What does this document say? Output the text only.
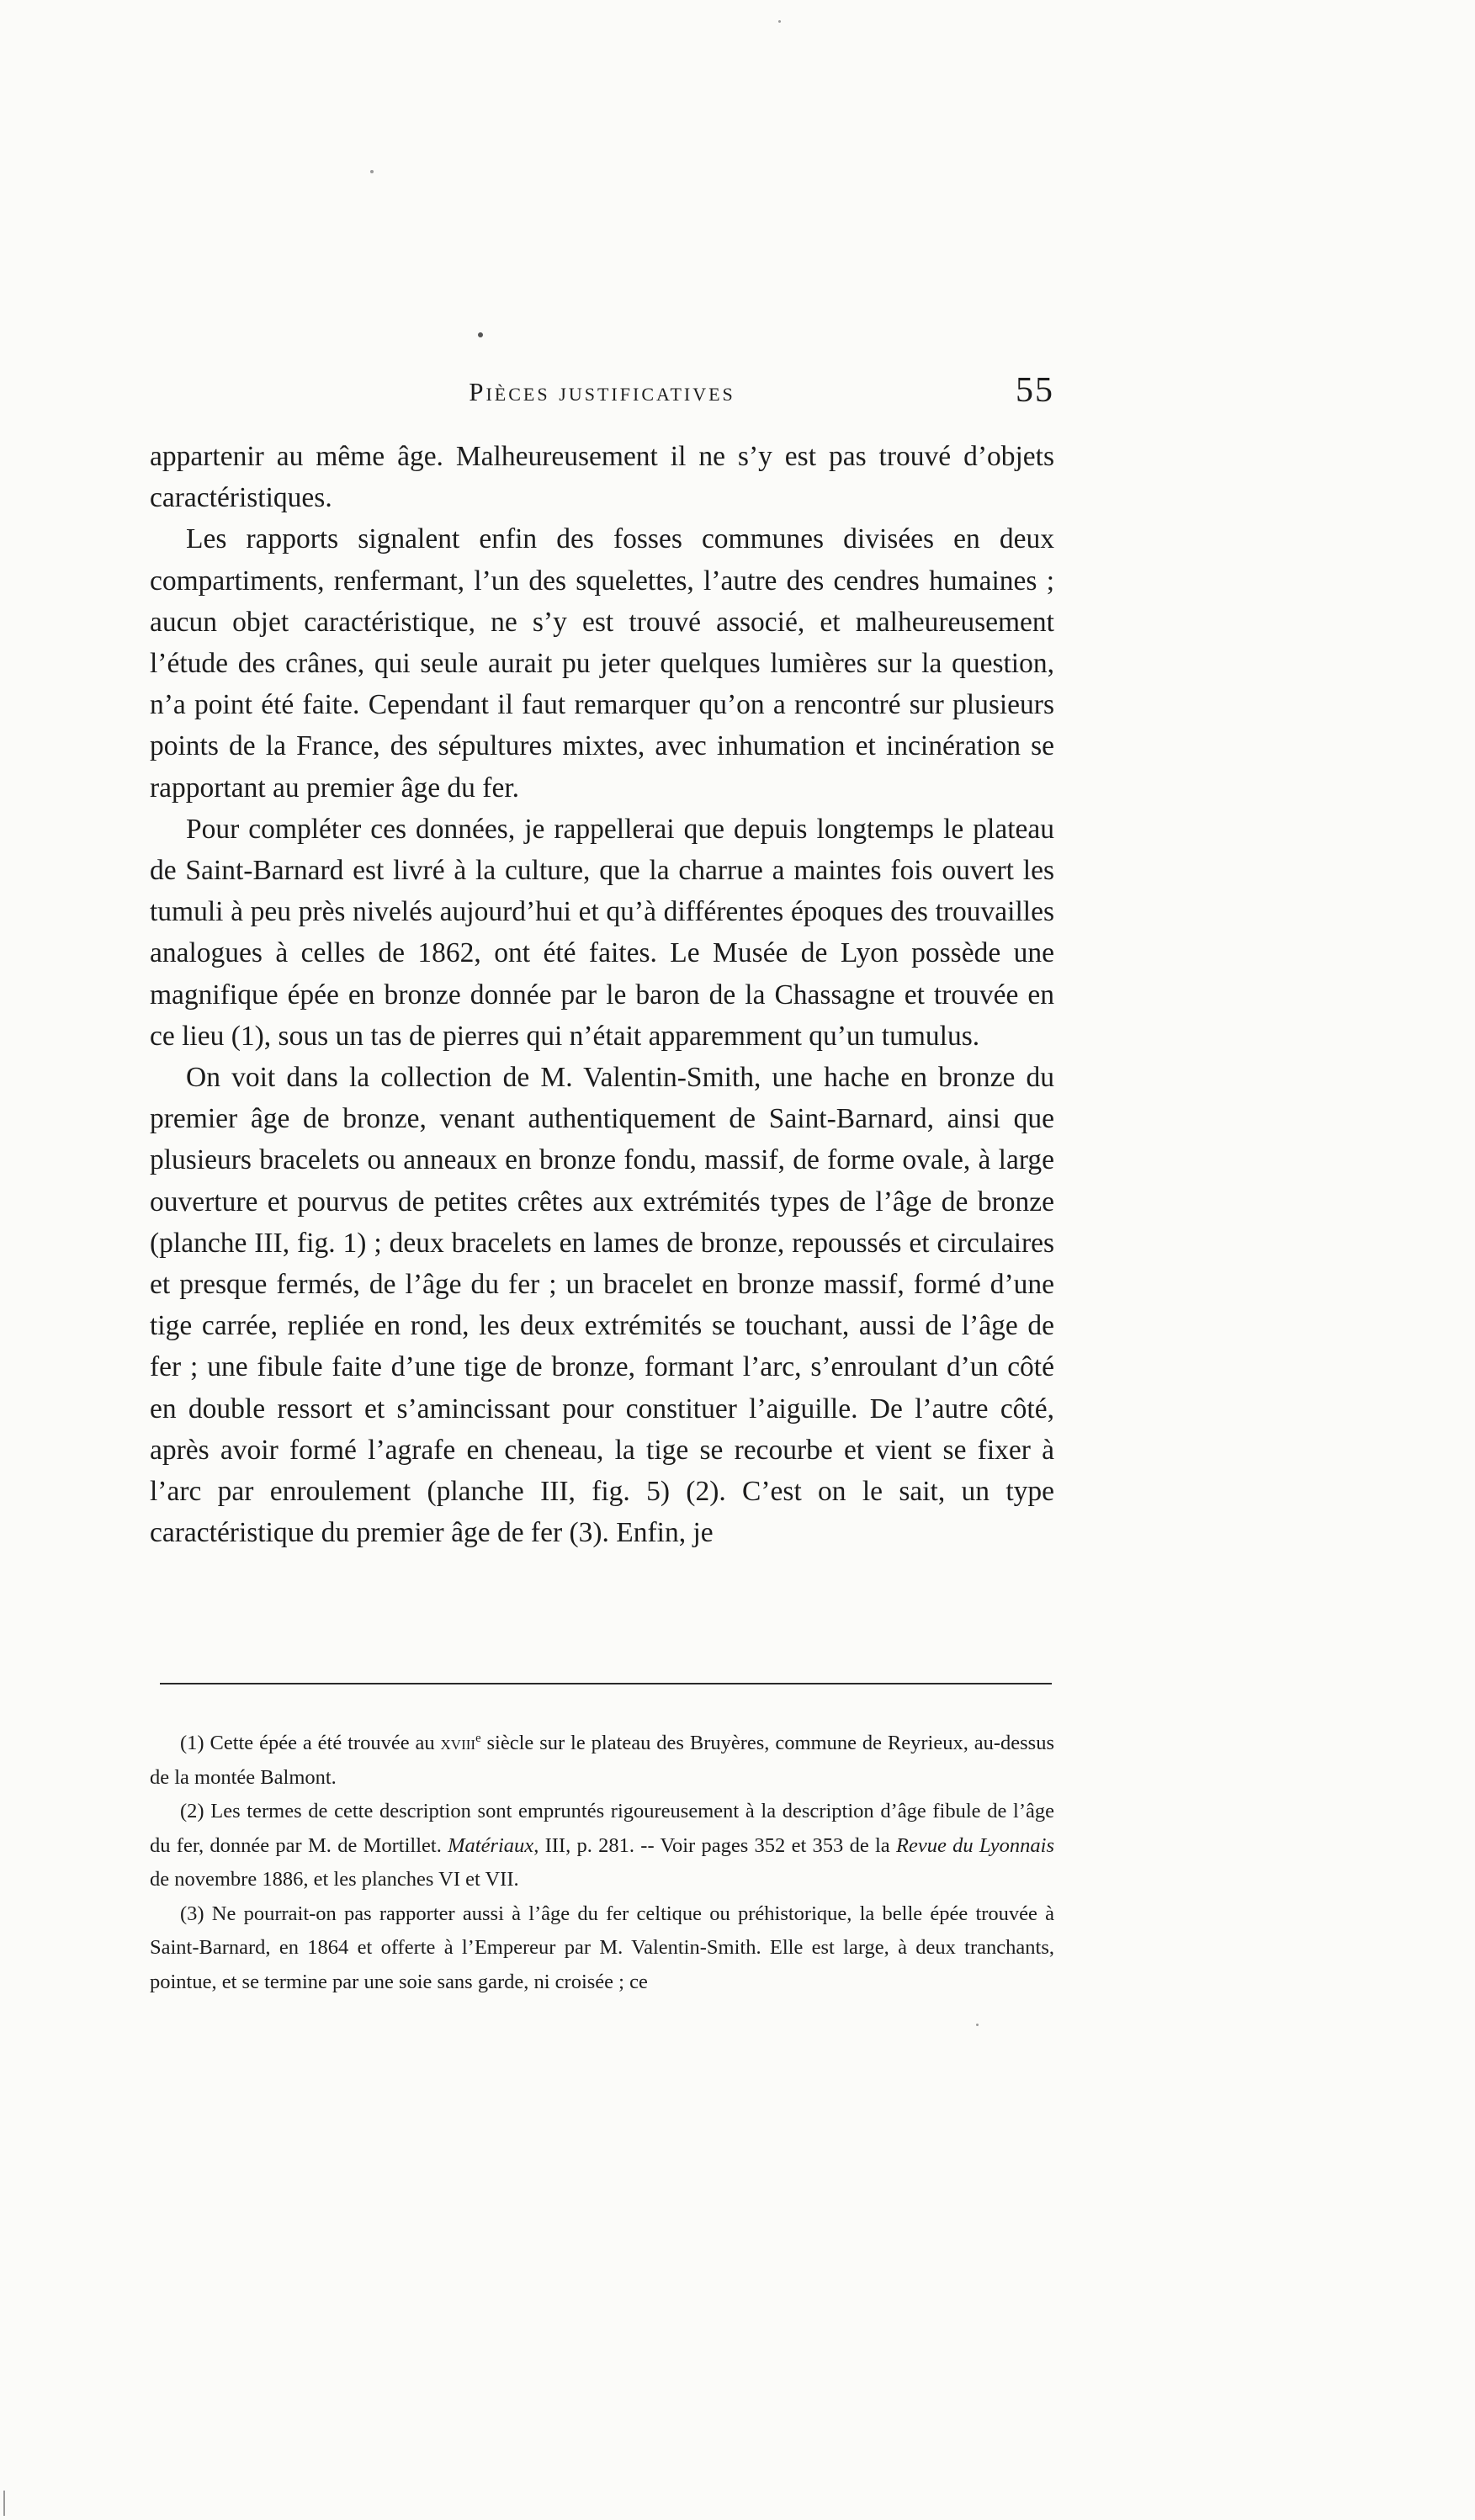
Pièces justificatives	55

appartenir au même âge. Malheureusement il ne s’y est pas trouvé d’objets caractéristiques.

Les rapports signalent enfin des fosses communes divisées en deux compartiments, renfermant, l’un des squelettes, l’autre des cendres humaines ; aucun objet caractéristique, ne s’y est trouvé associé, et malheureusement l’étude des crânes, qui seule aurait pu jeter quelques lumières sur la question, n’a point été faite. Cependant il faut remarquer qu’on a rencontré sur plusieurs points de la France, des sépultures mixtes, avec inhumation et incinération se rapportant au premier âge du fer.

Pour compléter ces données, je rappellerai que depuis longtemps le plateau de Saint-Barnard est livré à la culture, que la charrue a maintes fois ouvert les tumuli à peu près nivelés aujourd’hui et qu’à différentes époques des trouvailles analogues à celles de 1862, ont été faites. Le Musée de Lyon possède une magnifique épée en bronze donnée par le baron de la Chassagne et trouvée en ce lieu (1), sous un tas de pierres qui n’était apparemment qu’un tumulus.

On voit dans la collection de M. Valentin-Smith, une hache en bronze du premier âge de bronze, venant authentiquement de Saint-Barnard, ainsi que plusieurs bracelets ou anneaux en bronze fondu, massif, de forme ovale, à large ouverture et pourvus de petites crêtes aux extrémités types de l’âge de bronze (planche III, fig. 1) ; deux bracelets en lames de bronze, repoussés et circulaires et presque fermés, de l’âge du fer ; un bracelet en bronze massif, formé d’une tige carrée, repliée en rond, les deux extrémités se touchant, aussi de l’âge de fer ; une fibule faite d’une tige de bronze, formant l’arc, s’enroulant d’un côté en double ressort et s’amincissant pour constituer l’aiguille. De l’autre côté, après avoir formé l’agrafe en cheneau, la tige se recourbe et vient se fixer à l’arc par enroulement (planche III, fig. 5) (2). C’est on le sait, un type caractéristique du premier âge de fer (3). Enfin, je

(1) Cette épée a été trouvée au xviii$^e$ siècle sur le plateau des Bruyères, commune de Reyrieux, au-dessus de la montée Balmont.

(2) Les termes de cette description sont empruntés rigoureusement à la description d’âge fibule de l’âge du fer, donnée par M. de Mortillet. Matériaux, III, p. 281. -- Voir pages 352 et 353 de la Revue du Lyonnais de novembre 1886, et les planches VI et VII.

(3) Ne pourrait-on pas rapporter aussi à l’âge du fer celtique ou préhistorique, la belle épée trouvée à Saint-Barnard, en 1864 et offerte à l’Empereur par M. Valentin-Smith. Elle est large, à deux tranchants, pointue, et se termine par une soie sans garde, ni croisée ; ce
